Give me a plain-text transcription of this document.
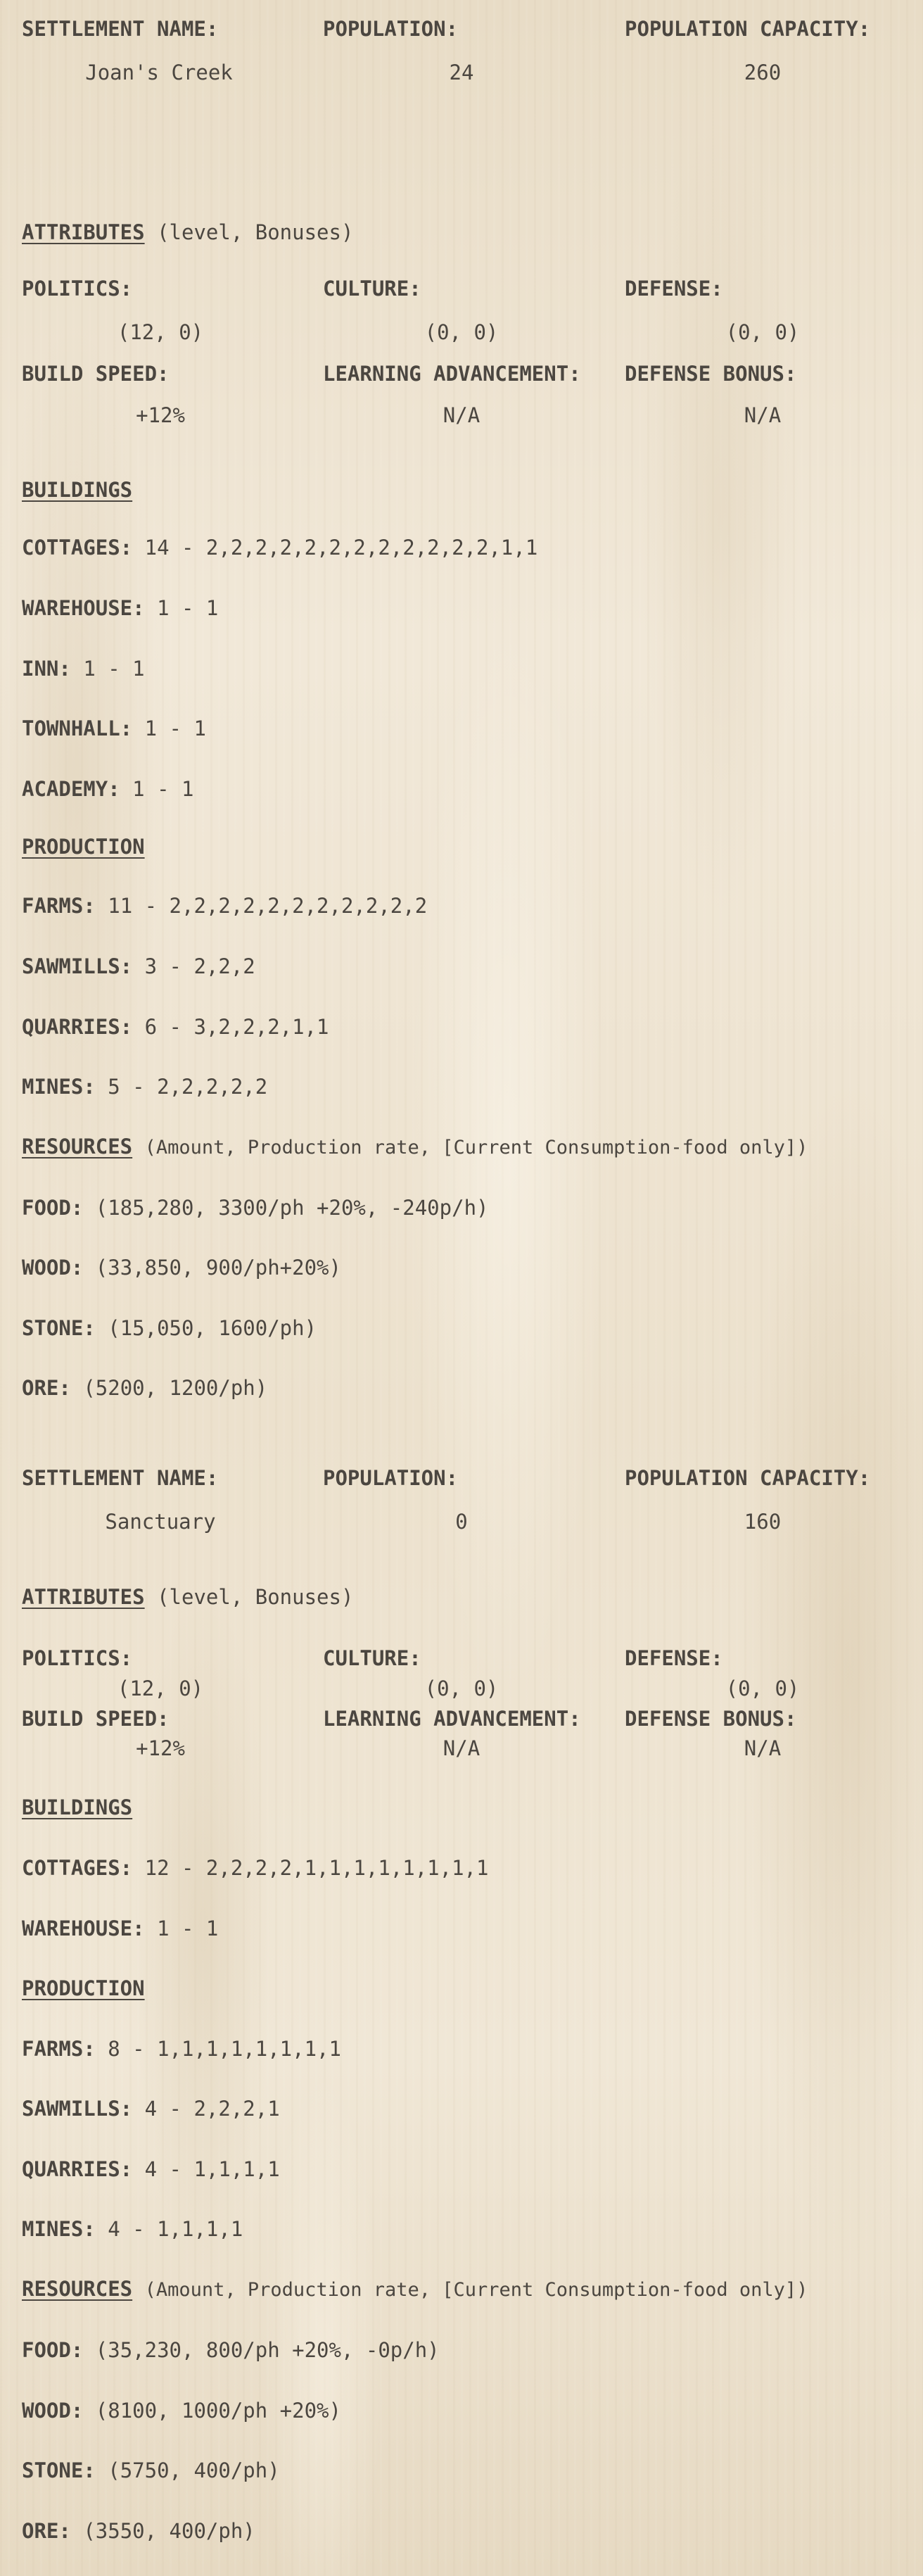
SETTLEMENT NAME:	POPULATION:	POPULATION CAPACITY:
Joan's Creek	24	260
ATTRIBUTES (level, Bonuses)
POLITICS:	CULTURE:	DEFENSE:
(12, 0)	(0, 0)	(0, 0)
BUILD SPEED:	LEARNING ADVANCEMENT: DEFENSE BONUS:
+12%	N/A	N/A
BUILDINGS
COTTAGES: 14 - 2,2,2,2,2,2,2,2,2,2,2,2,1,1
WAREHOUSE: 1 - 1
INN: 1 - 1
TOWNHALL: 1 - 1
ACADEMY: 1 - 1
PRODUCTION
FARMS: 11 - 2,2,2,2,2,2,2,2,2,2,2
SAWMILLS: 3 - 2,2,2
QUARRIES: 6 - 3,2,2,2,1,1
MINES: 5 - 2,2,2,2,2
RESOURCES (Amount, Production rate, [Current Consumption-food only])
FOOD: (185,280, 3300/ph +20%, -240p/h)
WOOD: (33,850, 900/ph+20%)
STONE: (15,050, 1600/ph)
ORE: (5200, 1200/ph)
SETTLEMENT NAME:	POPULATION:	POPULATION CAPACITY:
Sanctuary	0	160
ATTRIBUTES (level, Bonuses)
POLITICS:	CULTURE:	DEFENSE:
(12, 0)	(0, 0)	(0, 0)
BUILD SPEED:	LEARNING ADVANCEMENT: DEFENSE BONUS:
+12%	N/A	N/A
BUILDINGS
COTTAGES: 12 - 2,2,2,2,1,1,1,1,1,1,1,1
WAREHOUSE: 1 - 1
PRODUCTION
FARMS: 8 - 1,1,1,1,1,1,1,1
SAWMILLS: 4 - 2,2,2,1
QUARRIES: 4 - 1,1,1,1
MINES: 4 - 1,1,1,1
RESOURCES (Amount, Production rate, [Current Consumption-food only])
FOOD: (35,230, 800/ph +20%, -0p/h)
WOOD: (8100, 1000/ph +20%)
STONE: (5750, 400/ph)
ORE: (3550, 400/ph)
